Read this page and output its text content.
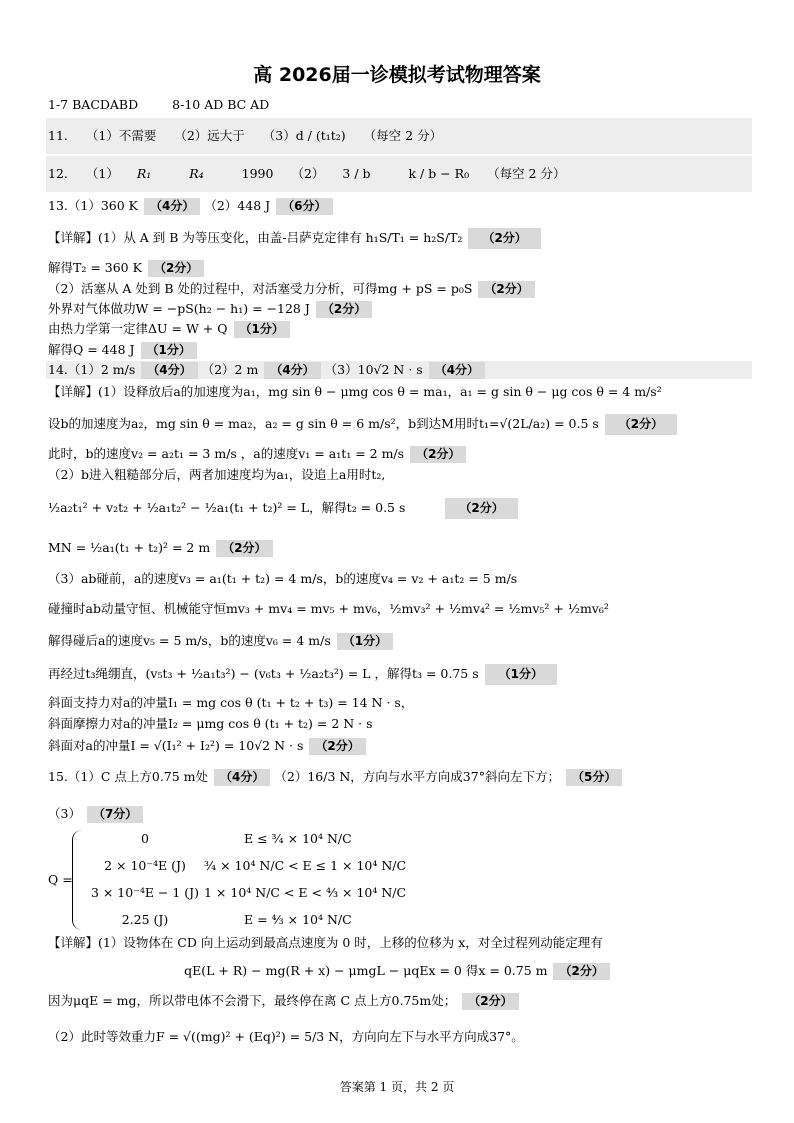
高 2026届一诊模拟考试物理答案
1-7 BACDABD	8-10 AD BC AD
11. （1）不需要 （2）远大于 （3）d / (t₁t₂) （每空 2 分）
12. （1） R₁	R₄	1990 （2） 3 / b	k / b − R₀ （每空 2 分）
13.（1）360 K （4分） （2）448 J （6分）
【详解】(1）从 A 到 B 为等压变化，由盖-吕萨克定律有 h₁S/T₁ = h₂S/T₂ （2分）
解得T₂ = 360 K （2分）
（2）活塞从 A 处到 B 处的过程中，对活塞受力分析，可得mg + pS = p₀S （2分）
外界对气体做功W = −pS(h₂ − h₁) = −128 J （2分）
由热力学第一定律ΔU = W + Q （1分）
解得Q = 448 J （1分）
14.（1）2 m/s （4分） （2）2 m （4分） （3）10√2 N · s （4分）
【详解】(1）设释放后a的加速度为a₁，mg sin θ − μmg cos θ = ma₁，a₁ = g sin θ − μg cos θ = 4 m/s²
设b的加速度为a₂，mg sin θ = ma₂，a₂ = g sin θ = 6 m/s²，b到达M用时t₁=√(2L/a₂) = 0.5 s （2分）
此时，b的速度v₂ = a₂t₁ = 3 m/s ，a的速度v₁ = a₁t₁ = 2 m/s （2分）
（2）b进入粗糙部分后，两者加速度均为a₁，设追上a用时t₂,
½a₂t₁² + v₂t₂ + ½a₁t₂² − ½a₁(t₁ + t₂)² = L，解得t₂ = 0.5 s	（2分）
MN = ½a₁(t₁ + t₂)² = 2 m （2分）
（3）ab碰前，a的速度v₃ = a₁(t₁ + t₂) = 4 m/s，b的速度v₄ = v₂ + a₁t₂ = 5 m/s
碰撞时ab动量守恒、机械能守恒mv₃ + mv₄ = mv₅ + mv₆，½mv₃² + ½mv₄² = ½mv₅² + ½mv₆²
解得碰后a的速度v₅ = 5 m/s，b的速度v₆ = 4 m/s （1分）
再经过t₃绳绷直，(v₅t₃ + ½a₁t₃²) − (v₆t₃ + ½a₂t₃²) = L ，解得t₃ = 0.75 s （1分）
斜面支持力对a的冲量I₁ = mg cos θ (t₁ + t₂ + t₃) = 14 N · s，
斜面摩擦力对a的冲量I₂ = μmg cos θ (t₁ + t₂) = 2 N · s
斜面对a的冲量I = √(I₁² + I₂²) = 10√2 N · s （2分）
15.（1）C 点上方0.75 m处 （4分） （2）16/3 N，方向与水平方向成37°斜向左下方； （5分）
（3） （7分）
Q =
0	E ≤ ¾ × 10⁴ N/C
2 × 10⁻⁴E (J) ¾ × 10⁴ N/C < E ≤ 1 × 10⁴ N/C
3 × 10⁻⁴E − 1 (J) 1 × 10⁴ N/C < E < ⁴⁄₃ × 10⁴ N/C
2.25 (J)	E = ⁴⁄₃ × 10⁴ N/C
【详解】(1）设物体在 CD 向上运动到最高点速度为 0 时，上移的位移为 x，对全过程列动能定理有
qE(L + R) − mg(R + x) − μmgL − μqEx = 0 得x = 0.75 m （2分）
因为μqE = mg，所以带电体不会滑下，最终停在离 C 点上方0.75m处； （2分）
（2）此时等效重力F = √((mg)² + (Eq)²) = 5/3 N，方向向左下与水平方向成37°。
答案第 1 页，共 2 页
